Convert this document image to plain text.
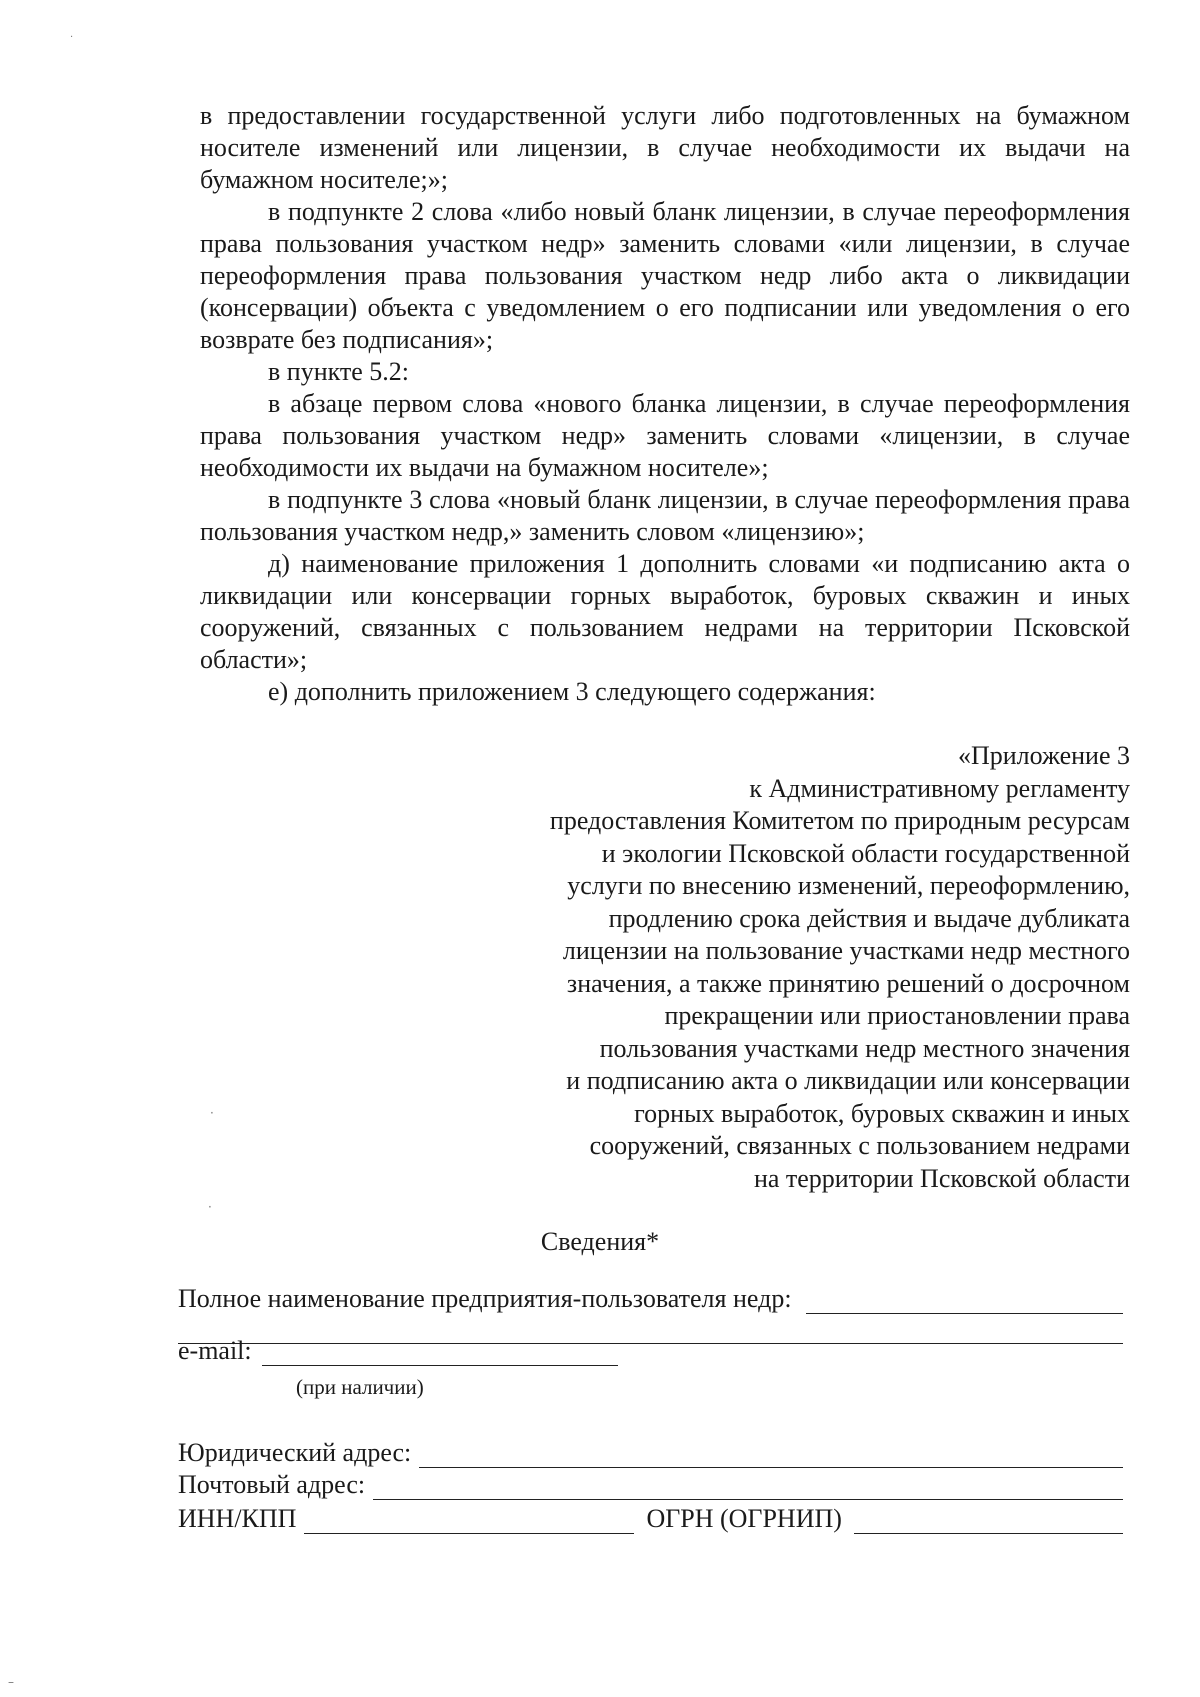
в предоставлении государственной услуги либо подготовленных на бумажном носителе изменений или лицензии, в случае необходимости их выдачи на бумажном носителе;»;

в подпункте 2 слова «либо новый бланк лицензии, в случае переоформления права пользования участком недр» заменить словами «или лицензии, в случае переоформления права пользования участком недр либо акта о ликвидации (консервации) объекта с уведомлением о его подписании или уведомления о его возврате без подписания»;

в пункте 5.2:

в абзаце первом слова «нового бланка лицензии, в случае переоформления права пользования участком недр» заменить словами «лицензии, в случае необходимости их выдачи на бумажном носителе»;

в подпункте 3 слова «новый бланк лицензии, в случае переоформления права пользования участком недр,» заменить словом «лицензию»;

д) наименование приложения 1 дополнить словами «и подписанию акта о ликвидации или консервации горных выработок, буровых скважин и иных сооружений, связанных с пользованием недрами на территории Псковской области»;

е) дополнить приложением 3 следующего содержания:

«Приложение 3
к Административному регламенту
предоставления Комитетом по природным ресурсам
и экологии Псковской области государственной
услуги по внесению изменений, переоформлению,
продлению срока действия и выдаче дубликата
лицензии на пользование участками недр местного
значения, а также принятию решений о досрочном
прекращении или приостановлении права
пользования участками недр местного значения
и подписанию акта о ликвидации или консервации
горных выработок, буровых скважин и иных
сооружений, связанных с пользованием недрами
на территории Псковской области
Сведения*
Полное наименование предприятия-пользователя недр:
e-mail:
(при наличии)
Юридический адрес:
Почтовый адрес:
ИНН/КПП	ОГРН (ОГРНИП)
·
·
·
–
